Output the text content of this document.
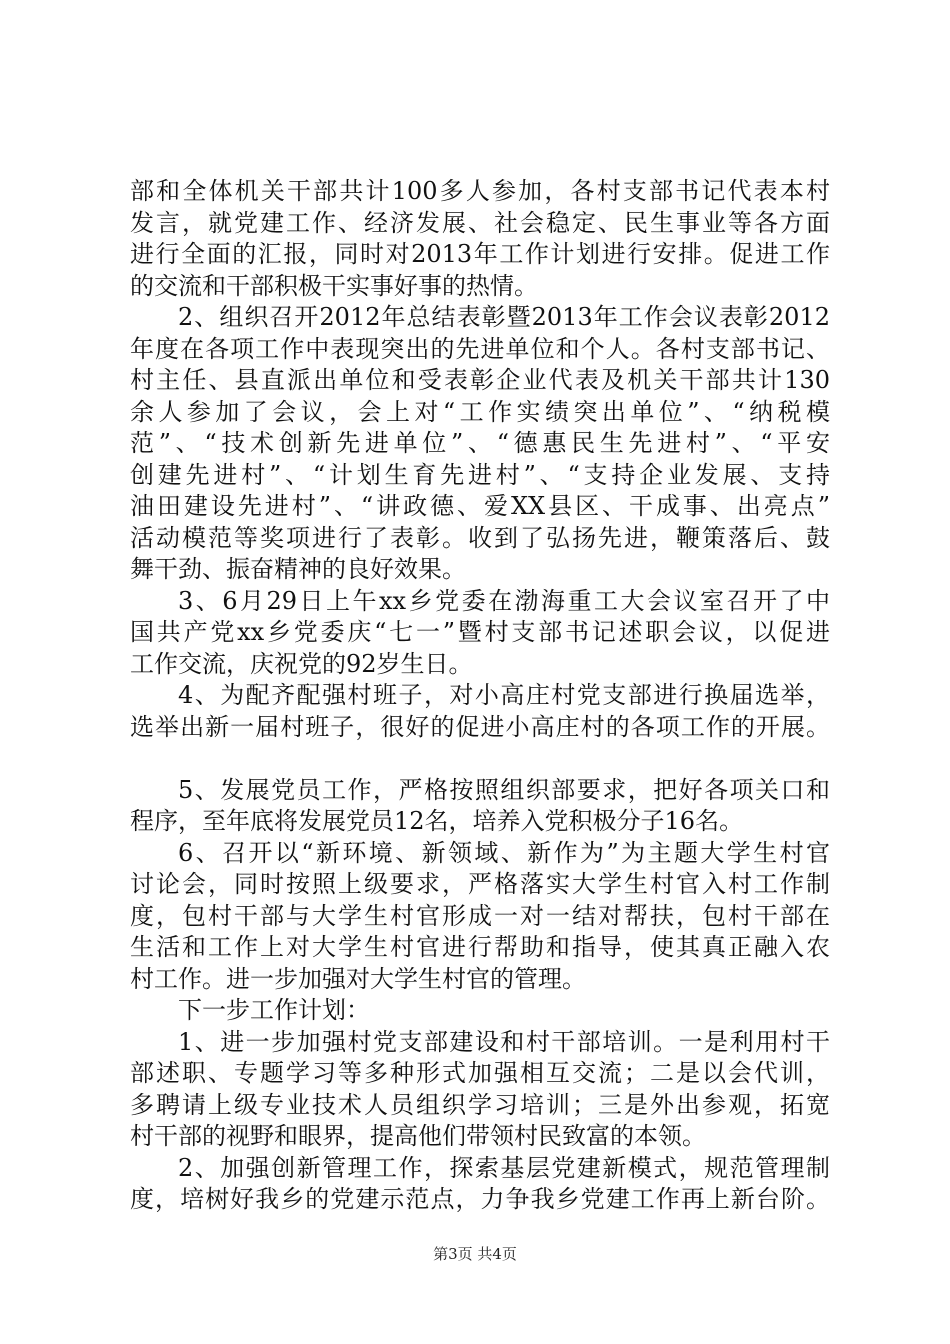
部和全体机关干部共计100多人参加，各村支部书记代表本村
发言，就党建工作、经济发展、社会稳定、民生事业等各方面
进行全面的汇报，同时对2013年工作计划进行安排。促进工作
的交流和干部积极干实事好事的热情。
2、组织召开2012年总结表彰暨2013年工作会议表彰2012
年度在各项工作中表现突出的先进单位和个人。各村支部书记、
村主任、县直派出单位和受表彰企业代表及机关干部共计130
余人参加了会议，会上对“工作实绩突出单位”、“纳税模
范”、“技术创新先进单位”、“德惠民生先进村”、“平安
创建先进村”、“计划生育先进村”、“支持企业发展、支持
油田建设先进村”、“讲政德、爱XX县区、干成事、出亮点”
活动模范等奖项进行了表彰。收到了弘扬先进，鞭策落后、鼓
舞干劲、振奋精神的良好效果。
3、6月29日上午xx乡党委在渤海重工大会议室召开了中
国共产党xx乡党委庆“七一”暨村支部书记述职会议，以促进
工作交流，庆祝党的92岁生日。
4、为配齐配强村班子，对小高庄村党支部进行换届选举，
选举出新一届村班子，很好的促进小高庄村的各项工作的开展。
5、发展党员工作，严格按照组织部要求，把好各项关口和
程序，至年底将发展党员12名，培养入党积极分子16名。
6、召开以“新环境、新领域、新作为”为主题大学生村官
讨论会，同时按照上级要求，严格落实大学生村官入村工作制
度，包村干部与大学生村官形成一对一结对帮扶，包村干部在
生活和工作上对大学生村官进行帮助和指导，使其真正融入农
村工作。进一步加强对大学生村官的管理。
下一步工作计划：
1、进一步加强村党支部建设和村干部培训。一是利用村干
部述职、专题学习等多种形式加强相互交流；二是以会代训，
多聘请上级专业技术人员组织学习培训；三是外出参观，拓宽
村干部的视野和眼界，提高他们带领村民致富的本领。
2、加强创新管理工作，探索基层党建新模式，规范管理制
度，培树好我乡的党建示范点，力争我乡党建工作再上新台阶。
第3页 共4页
